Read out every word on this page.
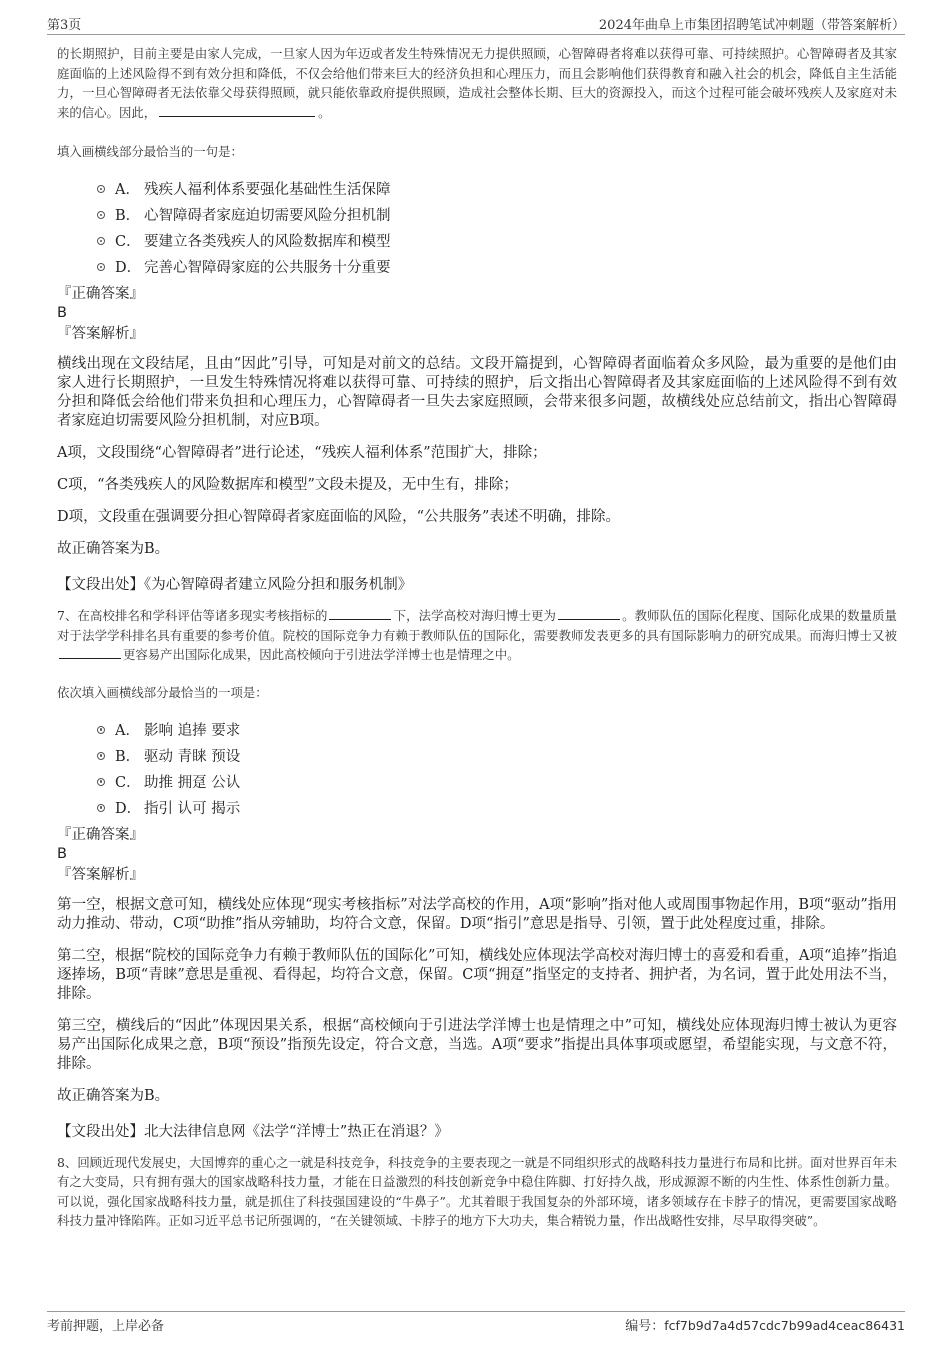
第3页	2024年曲阜上市集团招聘笔试冲刺题（带答案解析）

的长期照护，目前主要是由家人完成，一旦家人因为年迈或者发生特殊情况无力提供照顾，心智障碍者将难以获得可靠、可持续照护。心智障碍者及其家庭面临的上述风险得不到有效分担和降低，不仅会给他们带来巨大的经济负担和心理压力，而且会影响他们获得教育和融入社会的机会，降低自主生活能力，一旦心智障碍者无法依靠父母获得照顾，就只能依靠政府提供照顾，造成社会整体长期、巨大的资源投入，而这个过程可能会破坏残疾人及家庭对未来的信心。因此，	。

填入画横线部分最恰当的一句是：

A． 残疾人福利体系要强化基础性生活保障
B． 心智障碍者家庭迫切需要风险分担机制
C． 要建立各类残疾人的风险数据库和模型
D． 完善心智障碍家庭的公共服务十分重要

『正确答案』

B

『答案解析』

横线出现在文段结尾，且由“因此”引导，可知是对前文的总结。文段开篇提到，心智障碍者面临着众多风险，最为重要的是他们由家人进行长期照护，一旦发生特殊情况将难以获得可靠、可持续的照护，后文指出心智障碍者及其家庭面临的上述风险得不到有效分担和降低会给他们带来负担和心理压力，心智障碍者一旦失去家庭照顾，会带来很多问题，故横线处应总结前文，指出心智障碍者家庭迫切需要风险分担机制，对应B项。

A项，文段围绕“心智障碍者”进行论述，“残疾人福利体系”范围扩大，排除；

C项，“各类残疾人的风险数据库和模型”文段未提及，无中生有，排除；

D项，文段重在强调要分担心智障碍者家庭面临的风险，“公共服务”表述不明确，排除。

故正确答案为B。

【文段出处】《为心智障碍者建立风险分担和服务机制》

7、在高校排名和学科评估等诸多现实考核指标的	下，法学高校对海归博士更为	。教师队伍的国际化程度、国际化成果的数量质量对于法学学科排名具有重要的参考价值。院校的国际竞争力有赖于教师队伍的国际化，需要教师发表更多的具有国际影响力的研究成果。而海归博士又被更容易产出国际化成果，因此高校倾向于引进法学洋博士也是情理之中。

依次填入画横线部分最恰当的一项是：

A． 影响 追捧 要求
B． 驱动 青睐 预设
C． 助推 拥趸 公认
D． 指引 认可 揭示

『正确答案』

B

『答案解析』

第一空，根据文意可知，横线处应体现“现实考核指标”对法学高校的作用，A项“影响”指对他人或周围事物起作用，B项“驱动”指用动力推动、带动，C项“助推”指从旁辅助，均符合文意，保留。D项“指引”意思是指导、引领，置于此处程度过重，排除。

第二空，根据“院校的国际竞争力有赖于教师队伍的国际化”可知，横线处应体现法学高校对海归博士的喜爱和看重，A项“追捧”指追逐捧场，B项“青睐”意思是重视、看得起，均符合文意，保留。C项“拥趸”指坚定的支持者、拥护者，为名词，置于此处用法不当，排除。

第三空，横线后的“因此”体现因果关系，根据“高校倾向于引进法学洋博士也是情理之中”可知，横线处应体现海归博士被认为更容易产出国际化成果之意，B项“预设”指预先设定，符合文意，当选。A项“要求”指提出具体事项或愿望，希望能实现，与文意不符，排除。

故正确答案为B。

【文段出处】北大法律信息网《法学“洋博士”热正在消退？》

8、回顾近现代发展史，大国博弈的重心之一就是科技竞争，科技竞争的主要表现之一就是不同组织形式的战略科技力量进行布局和比拼。面对世界百年未有之大变局，只有拥有强大的国家战略科技力量，才能在日益激烈的科技创新竞争中稳住阵脚、打好持久战，形成源源不断的内生性、体系性创新力量。可以说，强化国家战略科技力量，就是抓住了科技强国建设的“牛鼻子”。尤其着眼于我国复杂的外部环境，诸多领域存在卡脖子的情况，更需要国家战略科技力量冲锋陷阵。正如习近平总书记所强调的，“在关键领域、卡脖子的地方下大功夫，集合精锐力量，作出战略性安排，尽早取得突破”。

考前押题，上岸必备	编号：fcf7b9d7a4d57cdc7b99ad4ceac86431
